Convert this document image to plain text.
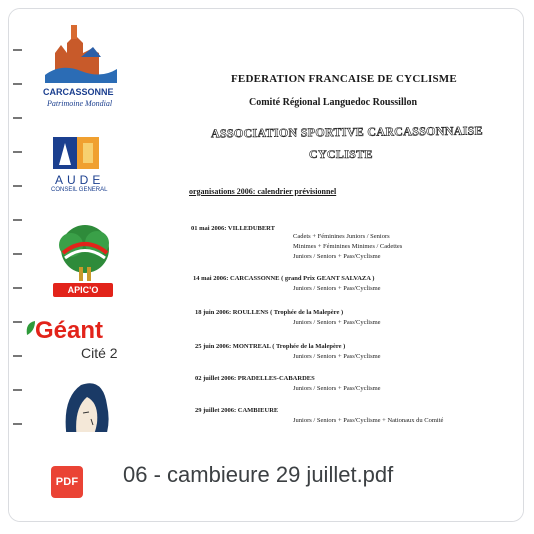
CARCASSONNE
Patrimoine Mondial
AUDE
CONSEIL GENERAL
APIC'O
Géant
Cité 2
FEDERATION FRANCAISE DE CYCLISME
Comité Régional Languedoc Roussillon
ASSOCIATION SPORTIVE CARCASSONNAISE
CYCLISTE
organisations 2006: calendrier prévisionnel
01 mai 2006: VILLEDUBERT
Cadets + Féminines Juniors / Seniors
Minimes + Féminines Minimes / Cadettes
Juniors / Seniors + Pass'Cyclisme
14 mai 2006: CARCASSONNE ( grand Prix GEANT SALVAZA )
Juniors / Seniors + Pass'Cyclisme
18 juin 2006: ROULLENS ( Trophée de la Malepère )
Juniors / Seniors + Pass'Cyclisme
25 juin 2006: MONTREAL ( Trophée de la Malepère )
Juniors / Seniors + Pass'Cyclisme
02 juillet 2006: PRADELLES-CABARDES
Juniors / Seniors + Pass'Cyclisme
29 juillet 2006: CAMBIEURE
Juniors / Seniors + Pass'Cyclisme + Nationaux du Comité
PDF 06 - cambieure 29 juillet.pdf
